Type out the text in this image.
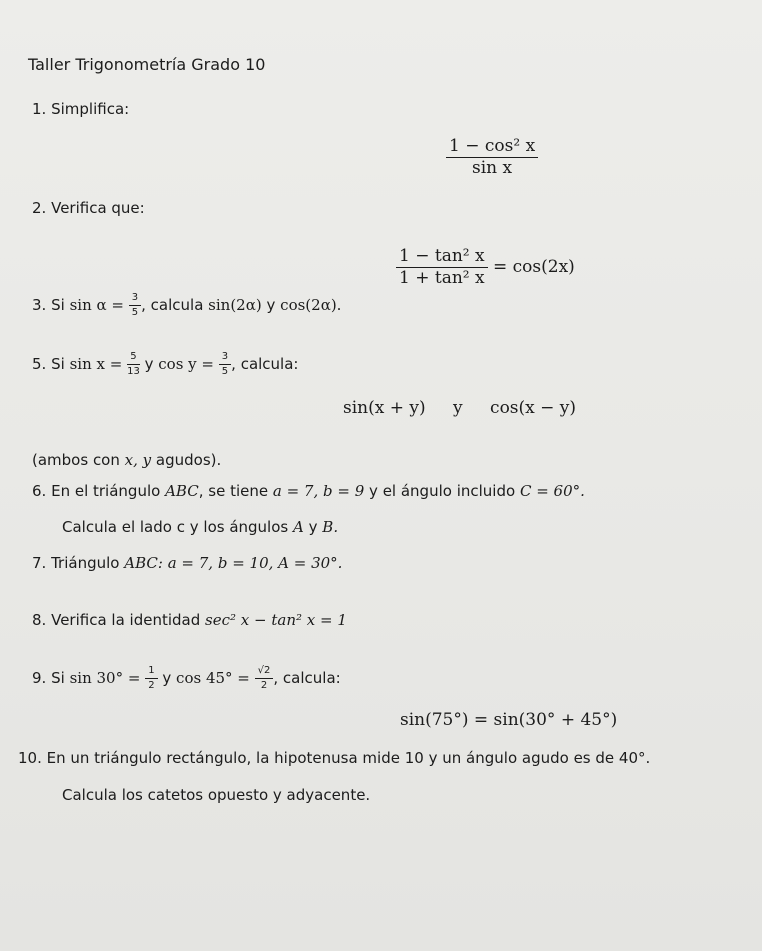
Taller Trigonometría Grado 10
1. Simplifica:
$\frac{\text{1 − cos² x}}{\text{sin x}}$
2. Verifica que:
$\frac{\text{1 − tan² x}}{\text{1 + tan² x}} = \cos(2x)$
3. Si $\sin \alpha = \frac{3}{5}$ , calcula sin(2α) y cos(2α).
5. Si $\sin x = \frac{5}{13}$ y $\cos y = \frac{3}{5}$ , calcula:
sin(x + y) y cos(x − y)
(ambos con x, y agudos).
6. En el triángulo ABC, se tiene a = 7, b = 9 y el ángulo incluido C = 60°.
Calcula el lado c y los ángulos A y B.
7. Triángulo ABC: a = 7, b = 10, A = 30°.
8. Verifica la identidad sec² x − tan² x = 1
9. Si $\sin 30^\circ = \frac{1}{2}$ y $\cos 45^\circ = \frac{√2}{2}$ , calcula:
sin(75°) = sin(30° + 45°)
10. En un triángulo rectángulo, la hipotenusa mide 10 y un ángulo agudo es de 40°.
Calcula los catetos opuesto y adyacente.
